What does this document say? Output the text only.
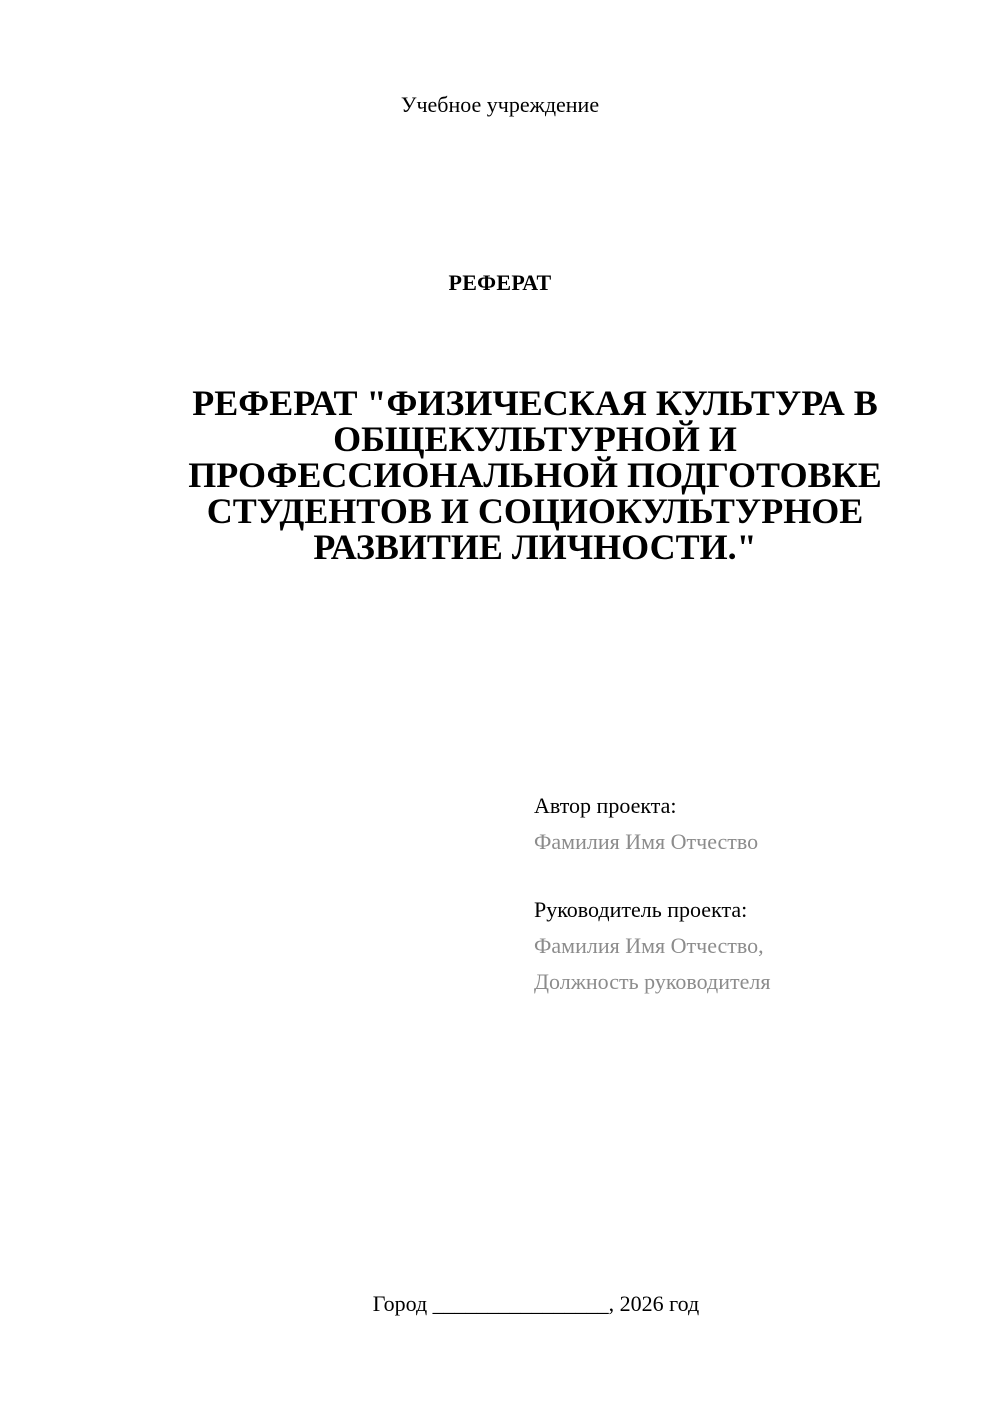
Учебное учреждение
РЕФЕРАТ
РЕФЕРАТ "ФИЗИЧЕСКАЯ КУЛЬТУРА В
ОБЩЕКУЛЬТУРНОЙ И
ПРОФЕССИОНАЛЬНОЙ ПОДГОТОВКЕ
СТУДЕНТОВ И СОЦИОКУЛЬТУРНОЕ
РАЗВИТИЕ ЛИЧНОСТИ."
Автор проекта:
Фамилия Имя Отчество
Руководитель проекта:
Фамилия Имя Отчество,
Должность руководителя
Город ________________, 2026 год
